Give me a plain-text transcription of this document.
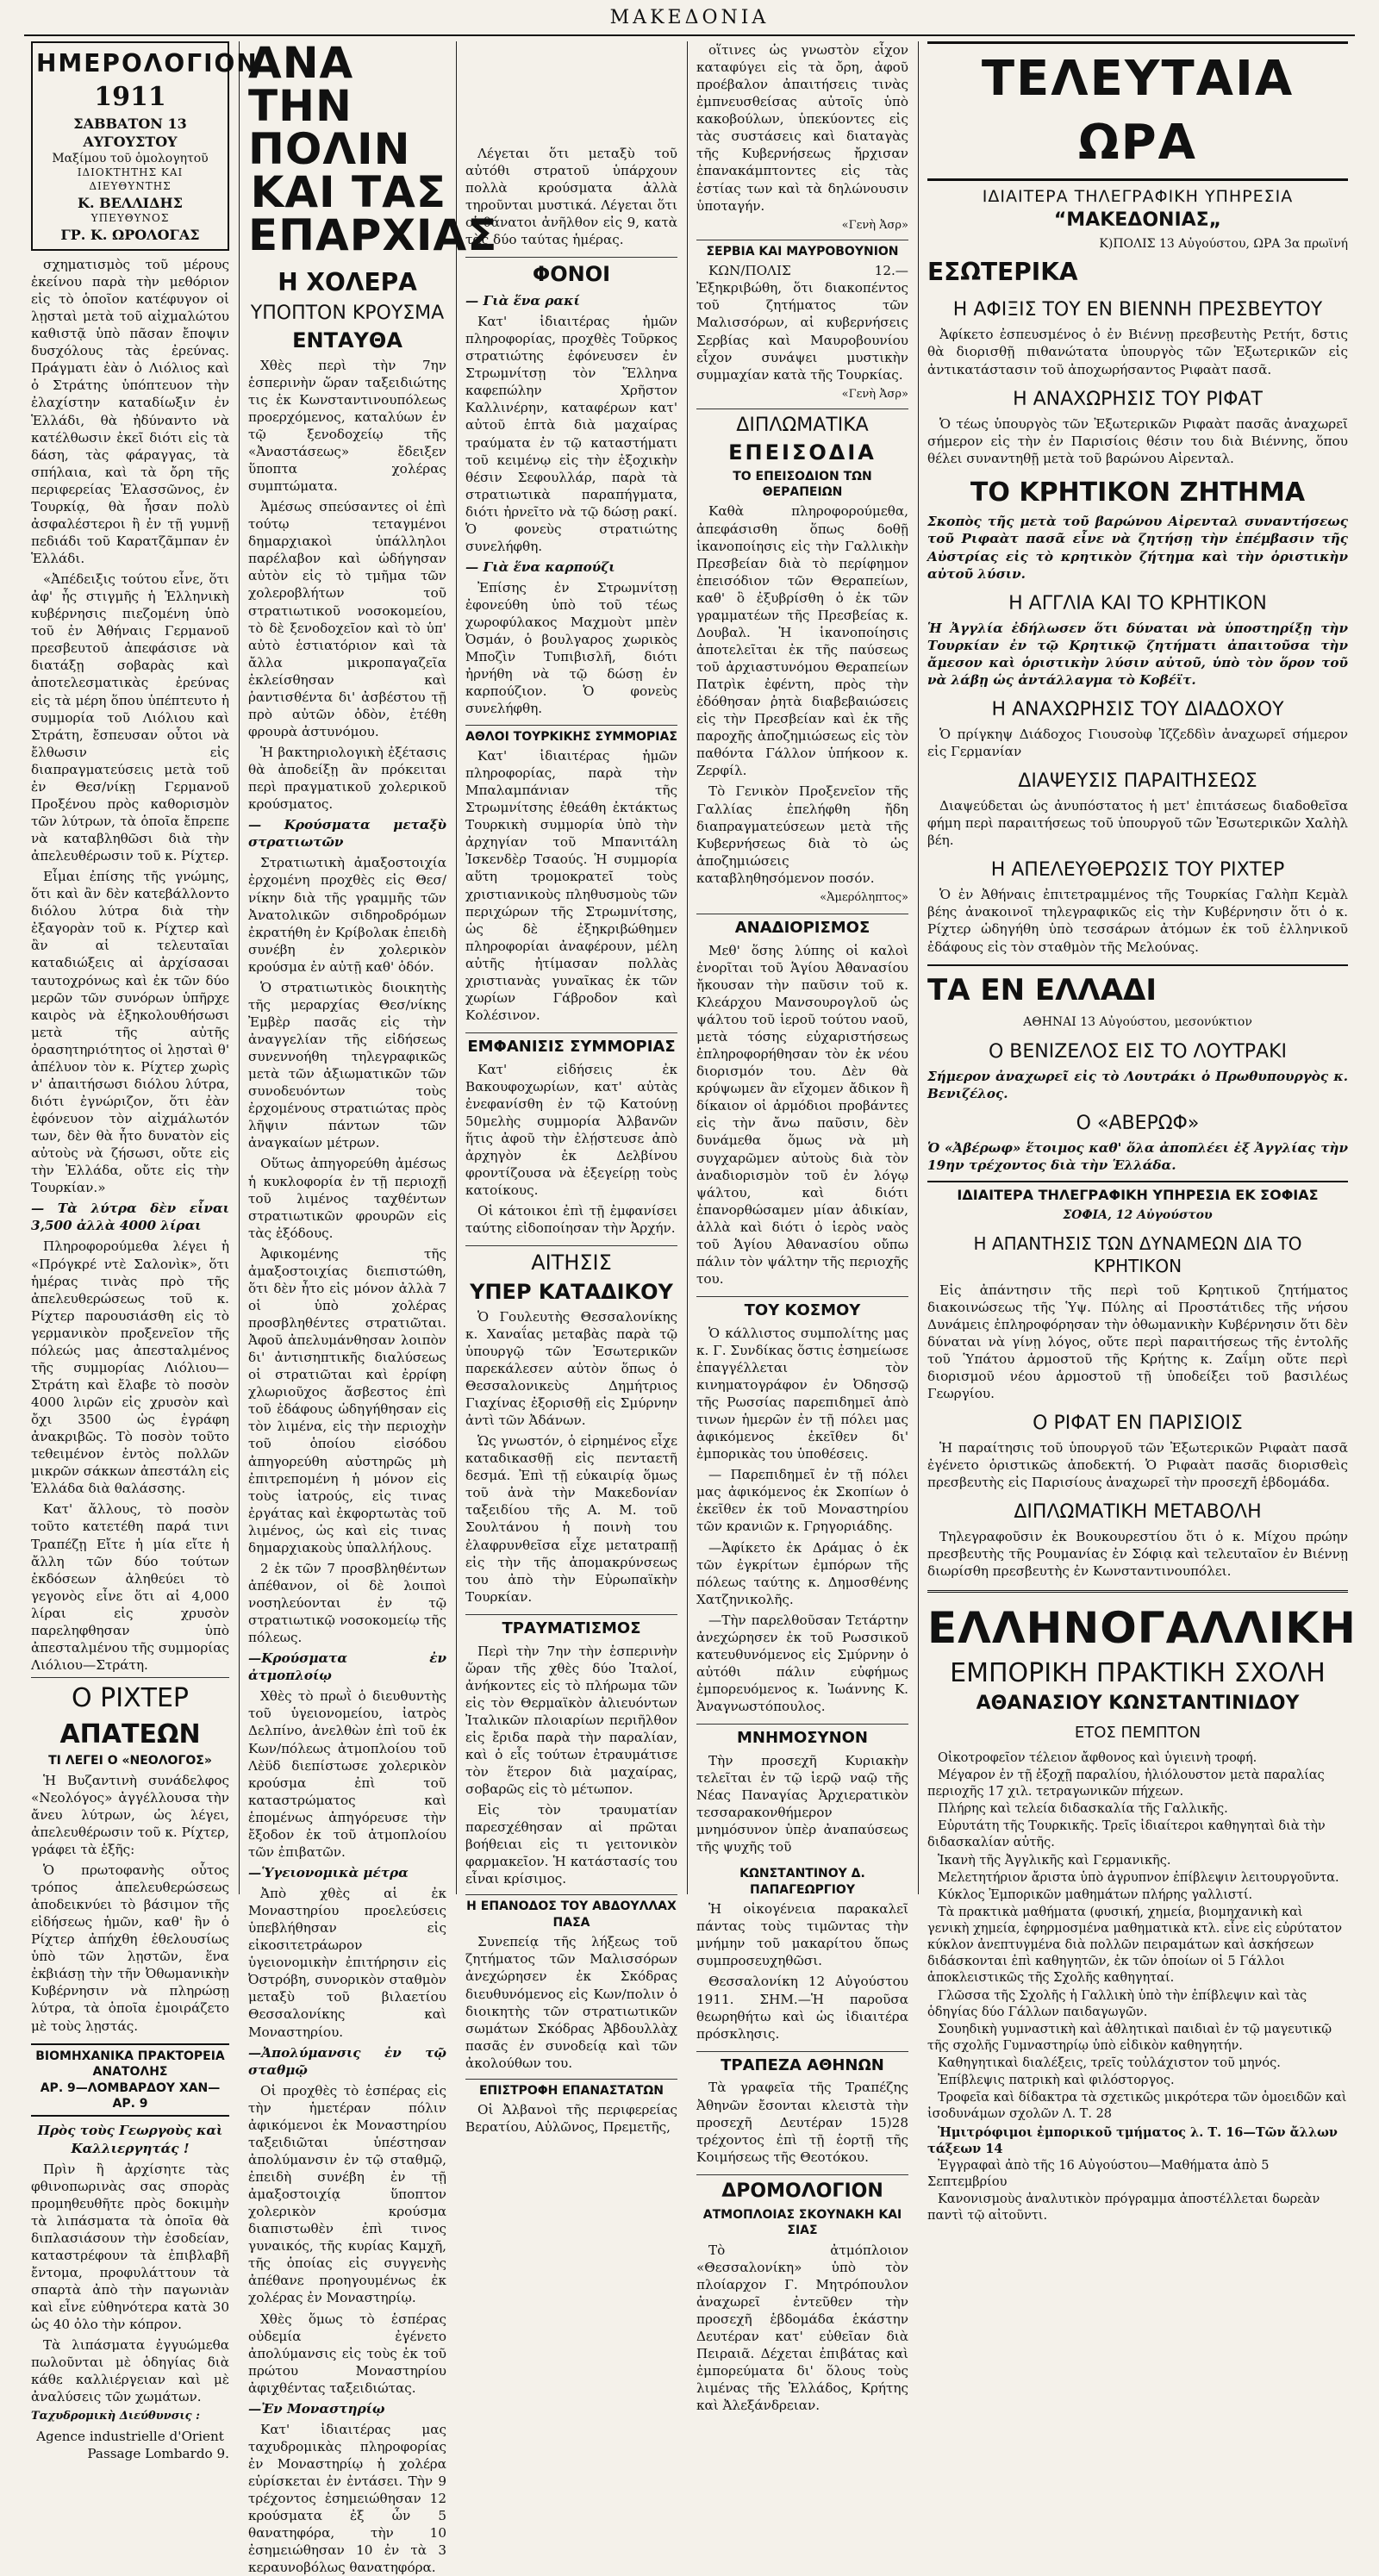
ΜΑΚΕΔΟΝΙΑ
ΗΜΕΡΟΛΟΓΙΟΝ
1911
ΣΑΒΒΑΤΟΝ 13 ΑΥΓΟΥΣΤΟΥ
Μαξίμου τοῦ ὁμολογητοῦ
ΙΔΙΟΚΤΗΤΗΣ ΚΑΙ ΔΙΕΥΘΥΝΤΗΣ
Κ. ΒΕΛΛΙΔΗΣ
ΥΠΕΥΘΥΝΟΣ
ΓΡ. Κ. ΩΡΟΛΟΓΑΣ

σχηματισμὸς τοῦ μέρους ἐκείνου παρὰ τὴν μεθόριον εἰς τὸ ὁποῖον κατέφυγον οἱ λῃσταὶ μετὰ τοῦ αἰχμαλώτου καθιστᾷ ὑπὸ πᾶσαν ἔποψιν δυσχόλους τὰς ἐρεύνας. Πράγματι ἐὰν ὁ Λιόλιος καὶ ὁ Στράτης ὑπόπτευον τὴν ἐλαχίστην καταδίωξιν ἐν Ἑλλάδι, θὰ ἠδύναντο νὰ κατέλθωσιν ἐκεῖ διότι εἰς τὰ δάση, τὰς φάραγγας, τὰ σπήλαια, καὶ τὰ ὄρη τῆς περιφερείας Ἐλασσῶνος, ἐν Τουρκίᾳ, θὰ ἦσαν πολὺ ἀσφαλέστεροι ἢ ἐν τῇ γυμνῇ πεδιάδι τοῦ Καρατζᾶμπαν ἐν Ἑλλάδι.

«Ἀπέδειξις τούτου εἶνε, ὅτι ἀφ' ἧς στιγμῆς ἡ Ἑλληνικὴ κυβέρνησις πιεζομένη ὑπὸ τοῦ ἐν Ἀθήναις Γερμανοῦ πρεσβευτοῦ ἀπεφάσισε νὰ διατάξῃ σοβαρὰς καὶ ἀποτελεσματικὰς ἐρεύνας εἰς τὰ μέρη ὅπου ὑπέπτευτο ἡ συμμορία τοῦ Λιόλιου καὶ Στράτη, ἔσπευσαν οὗτοι νὰ ἔλθωσιν εἰς διαπραγματεύσεις μετὰ τοῦ ἐν Θεσ/νίκῃ Γερμανοῦ Προξένου πρὸς καθορισμὸν τῶν λύτρων, τὰ ὁποῖα ἔπρεπε νὰ καταβληθῶσι διὰ τὴν ἀπελευθέρωσιν τοῦ κ. Ρίχτερ.

Εἶμαι ἐπίσης τῆς γνώμης, ὅτι καὶ ἂν δὲν κατεβάλλοντο διόλου λύτρα διὰ τὴν ἐξαγορὰν τοῦ κ. Ρίχτερ καὶ ἂν αἱ τελευταῖαι καταδιώξεις αἱ ἀρχίσασαι ταυτοχρόνως καὶ ἐκ τῶν δύο μερῶν τῶν συνόρων ὑπῆρχε καιρὸς νὰ ἐξηκολουθήσωσι μετὰ τῆς αὐτῆς ὀρασητηριότητος οἱ λῃσταὶ θ' ἀπέλυον τὸν κ. Ρίχτερ χωρὶς ν' ἀπαιτήσωσι διόλου λύτρα, διότι ἐγνώριζον, ὅτι ἐὰν ἐφόνευον τὸν αἰχμάλωτόν των, δὲν θὰ ἦτο δυνατὸν εἰς αὐτοὺς νὰ ζήσωσι, οὔτε εἰς τὴν Ἑλλάδα, οὔτε εἰς τὴν Τουρκίαν.»

— Τὰ λύτρα δὲν εἶναι 3,500 ἀλλὰ 4000 λίραι

Πληροφορούμεθα λέγει ἡ «Πρόγκρέ ντὲ Σαλονὶκ», ὅτι ἡμέρας τινὰς πρὸ τῆς ἀπελευθερώσεως τοῦ κ. Ρίχτερ παρουσιάσθη εἰς τὸ γερμανικὸν προξενεῖον τῆς πόλεώς μας ἀπεσταλμένος τῆς συμμορίας Λιόλιου—Στράτη καὶ ἔλαβε τὸ ποσὸν 4000 λιρῶν εἰς χρυσὸν καὶ ὄχι 3500 ὡς ἐγράφη ἀνακριβῶς. Τὸ ποσὸν τοῦτο τεθειμένον ἐντὸς πολλῶν μικρῶν σάκκων ἀπεστάλη εἰς Ἑλλάδα διὰ θαλάσσης.

Κατ' ἄλλους, τὸ ποσὸν τοῦτο κατετέθη παρά τινι Τραπέζῃ Εἴτε ἡ μία εἴτε ἡ ἄλλη τῶν δύο τούτων ἐκδόσεων ἀληθεύει τὸ γεγονὸς εἶνε ὅτι αἱ 4,000 λίραι εἰς χρυσὸν παρεληφθησαν ὑπὸ ἀπεσταλμένου τῆς συμμορίας Λιόλιου—Στράτη.

Ο ΡΙΧΤΕΡ
ΑΠΑΤΕΩΝ
ΤΙ ΛΕΓΕΙ Ο «ΝΕΟΛΟΓΟΣ»

Ἡ Βυζαντινὴ συνάδελφος «Νεολόγος» ἀγγέλλουσα τὴν ἄνευ λύτρων, ὡς λέγει, ἀπελευθέρωσιν τοῦ κ. Ρίχτερ, γράφει τὰ ἑξῆς:

Ὁ πρωτοφανὴς οὗτος τρόπος ἀπελευθερώσεως ἀποδεικνύει τὸ βάσιμον τῆς εἰδήσεως ἡμῶν, καθ' ἣν ὁ Ρίχτερ ἀπήχθη ἐθελουσίως ὑπὸ τῶν λῃστῶν, ἕνα ἐκβιάσῃ τὴν τῆν Ὀθωμανικὴν Κυβέρνησιν νὰ πληρώσῃ λύτρα, τὰ ὁποῖα ἐμοιράζετο μὲ τοὺς λῃστάς.

ΒΙΟΜΗΧΑΝΙΚΑ ΠΡΑΚΤΟΡΕΙΑ ΑΝΑΤΟΛΗΣ
ΑΡ. 9—ΛΟΜΒΑΡΔΟΥ ΧΑΝ—ΑΡ. 9
Πρὸς τοὺς Γεωργοὺς καὶ Καλλιεργητάς !

Πρὶν ἢ ἀρχίσητε τὰς φθινοπωρινὰς σας σπορὰς προμηθευθῆτε πρὸς δοκιμὴν τὰ λιπάσματα τὰ ὁποῖα θὰ διπλασιάσουν τὴν ἐσοδείαν, καταστρέφουν τὰ ἐπιβλαβῆ ἔντομα, προφυλάττουν τὰ σπαρτὰ ἀπὸ τὴν παγωνιὰν καὶ εἶνε εὐθηνότερα κατὰ 30 ὡς 40 ὀλο τὴν κόπρον.

Τὰ λιπάσματα ἐγγυώμεθα πωλοῦνται μὲ ὁδηγίας διὰ κάθε καλλιέργειαν καὶ μὲ ἀναλύσεις τῶν χωμάτων.

Ταχυδρομικὴ Διεύθυνσις :

Agence industrielle d'Orient
Passage Lombardo 9.
ΑΝΑ ΤΗΝ ΠΟΛΙΝ
ΚΑΙ ΤΑΣ ΕΠΑΡΧΙΑΣ
Η ΧΟΛΕΡΑ
ΥΠΟΠΤΟΝ ΚΡΟΥΣΜΑ
ΕΝΤΑΥΘΑ

Χθὲς περὶ τὴν 7ην ἑσπερινὴν ὥραν ταξειδιώτης τις ἐκ Κωνσταντινουπόλεως προερχόμενος, καταλύων ἐν τῷ ξενοδοχείῳ τῆς «Ἀναστάσεως» ἔδειξεν ὕποπτα χολέρας συμπτώματα.

Ἀμέσως σπεύσαντες οἱ ἐπὶ τούτῳ τεταγμένοι δημαρχιακοὶ ὑπάλληλοι παρέλαβον καὶ ὡδήγησαν αὐτὸν εἰς τὸ τμῆμα τῶν χολεροβλήτων τοῦ στρατιωτικοῦ νοσοκομείου, τὸ δὲ ξενοδοχεῖον καὶ τὸ ὑπ' αὐτὸ ἑστιατόριον καὶ τὰ ἄλλα μικροπαγαζεῖα ἐκλείσθησαν καὶ ῥαντισθέντα δι' ἀσβέστου τῇ πρὸ αὐτῶν ὁδὸν, ἐτέθη φρουρὰ ἀστυνόμου.

Ἡ βακτηριολογικὴ ἐξέτασις θὰ ἀποδείξῃ ἂν πρόκειται περὶ πραγματικοῦ χολερικοῦ κρούσματος.

— Κρούσματα μεταξὺ στρατιωτῶν

Στρατιωτικὴ ἀμαξοστοιχία ἐρχομένη προχθὲς εἰς Θεσ/νίκην διὰ τῆς γραμμῆς τῶν Ἀνατολικῶν σιδηροδρόμων ἐκρατήθη ἐν Κρίβολακ ἐπειδὴ συνέβη ἐν χολερικὸν κρούσμα ἐν αὐτῇ καθ' ὁδόν.

Ὁ στρατιωτικὸς διοικητὴς τῆς μεραρχίας Θεσ/νίκης Ἐμβὲρ πασᾶς εἰς τὴν ἀναγγελίαν τῆς εἰδήσεως συνεννοήθη τηλεγραφικῶς μετὰ τῶν ἀξιωματικῶν τῶν συνοδευόντων τοὺς ἐρχομένους στρατιώτας πρὸς λῆψιν πάντων τῶν ἀναγκαίων μέτρων.

Οὕτως ἀπηγορεύθη ἀμέσως ἡ κυκλοφορία ἐν τῇ περιοχῇ τοῦ λιμένος ταχθέντων στρατιωτικῶν φρουρῶν εἰς τὰς ἐξόδους.

Ἀφικομένης τῆς ἀμαξοστοιχίας διεπιστώθη, ὅτι δὲν ἦτο εἰς μόνον ἀλλὰ 7 οἱ ὑπὸ χολέρας προσβληθέντες στρατιῶται. Ἀφοῦ ἀπελυμάνθησαν λοιπὸν δι' ἀντισηπτικῆς διαλύσεως οἱ στρατιῶται καὶ ἐρρίφη χλωριοῦχος ἄσβεστος ἐπὶ τοῦ ἐδάφους ὡδηγήθησαν εἰς τὸν λιμένα, εἰς τὴν περιοχὴν τοῦ ὁποίου εἰσόδου ἀπηγορεύθη αὐστηρῶς μὴ ἐπιτρεπομένη ἡ μόνον εἰς τοὺς ἰατρούς, εἰς τινας ἐργάτας καὶ ἐκφορτωτὰς τοῦ λιμένος, ὡς καὶ εἰς τινας δημαρχιακοὺς ὑπαλλήλους.

2 ἐκ τῶν 7 προσβληθέντων ἀπέθανον, οἱ δὲ λοιποὶ νοσηλεύονται ἐν τῷ στρατιωτικῷ νοσοκομείῳ τῆς πόλεως.

—Κρούσματα ἐν ἀτμοπλοίῳ

Χθὲς τὸ πρωῒ ὁ διευθυντὴς τοῦ ὑγειονομείου, ἰατρὸς Δελπίνο, ἀνελθὼν ἐπὶ τοῦ ἐκ Κων/πόλεως ἀτμοπλοίου τοῦ Λὲϋδ διεπίστωσε χολερικὸν κρούσμα ἐπὶ τοῦ καταστρώματος καὶ ἑπομένως ἀπηγόρευσε τὴν ἔξοδον ἐκ τοῦ ἀτμοπλοίου τῶν ἐπιβατῶν.

—Ὑγειονομικὰ μέτρα

Ἀπὸ χθὲς αἱ ἐκ Μοναστηρίου προελεύσεις ὑπεβλήθησαν εἰς εἰκοσιτετράωρον ὑγειονομικὴν ἐπιτήρησιν εἰς Ὀστρόβη, συνορικὸν σταθμὸν μεταξὺ τοῦ βιλαετίου Θεσσαλονίκης καὶ Μοναστηρίου.

—Ἀπολύμανσις ἐν τῷ σταθμῷ

Οἱ προχθὲς τὸ ἑσπέρας εἰς τὴν ἡμετέραν πόλιν ἀφικόμενοι ἐκ Μοναστηρίου ταξειδιῶται ὑπέστησαν ἀπολύμανσιν ἐν τῷ σταθμῷ, ἐπειδὴ συνέβη ἐν τῇ ἀμαξοστοιχίᾳ ὕποπτον χολερικὸν κρούσμα διαπιστωθὲν ἐπὶ τινος γυναικός, τῆς κυρίας Καμχῆ, τῆς ὁποίας εἰς συγγενὴς ἀπέθανε προηγουμένως ἐκ χολέρας ἐν Μοναστηρίῳ.

Χθὲς ὅμως τὸ ἑσπέρας οὐδεμία ἐγένετο ἀπολύμανσις εἰς τοὺς ἐκ τοῦ πρώτου Μοναστηρίου ἀφιχθέντας ταξειδιώτας.

—Ἐν Μοναστηρίῳ

Κατ' ἰδιαιτέρας μας ταχυδρομικὰς πληροφορίας ἐν Μοναστηρίῳ ἡ χολέρα εὑρίσκεται ἐν ἐντάσει. Τὴν 9 τρέχοντος ἐσημειώθησαν 12 κρούσματα ἐξ ὧν 5 θανατηφόρα, τὴν 10 ἐσημειώθησαν 10 ἐν τὰ 3 κεραυνοβόλως θανατηφόρα.

Λέγεται ὅτι μεταξὺ τοῦ αὐτόθι στρατοῦ ὑπάρχουν πολλὰ κρούσματα ἀλλὰ τηροῦνται μυστικά. Λέγεται ὅτι οἱ θάνατοι ἀνῆλθον εἰς 9, κατὰ τὰς δύο ταύτας ἡμέρας.

ΦΟΝΟΙ

— Γιὰ ἕνα ρακί

Κατ' ἰδιαιτέρας ἡμῶν πληροφορίας, προχθὲς Τοῦρκος στρατιώτης ἐφόνευσεν ἐν Στρωμνίτσῃ τὸν Ἕλληνα καφεπώλην Χρῆστον Καλλινέρην, καταφέρων κατ' αὐτοῦ ἑπτὰ διὰ μαχαίρας τραύματα ἐν τῷ καταστήματι τοῦ κειμένῳ εἰς τὴν ἐξοχικὴν θέσιν Σεφουλλάρ, παρὰ τὰ στρατιωτικὰ παραπήγματα, διότι ἠρνεῖτο νὰ τῷ δώσῃ ρακί. Ὁ φονεὺς στρατιώτης συνελήφθη.

— Γιὰ ἕνα καρπούζι

Ἐπίσης ἐν Στρωμνίτσῃ ἐφονεύθη ὑπὸ τοῦ τέως χωροφύλακος Μαχμοὺτ μπὲν Ὀσμάν, ὁ βουλγαρος χωρικὸς Μποζὶν Τυπιβισλῆ, διότι ἠρνήθη νὰ τῷ δώσῃ ἐν καρπούζιον. Ὁ φονεὺς συνελήφθη.

ΑΘΛΟΙ ΤΟΥΡΚΙΚΗΣ ΣΥΜΜΟΡΙΑΣ

Κατ' ἰδιαιτέρας ἡμῶν πληροφορίας, παρὰ τὴν Μπαλαμπάνιαν τῆς Στρωμνίτσης ἐθεάθη ἐκτάκτως Τουρκικὴ συμμορία ὑπὸ τὴν ἀρχηγίαν τοῦ Μπανιτάλη Ἰσκενδὲρ Τσαούς. Ἡ συμμορία αὕτη τρομοκρατεῖ τοὺς χριστιανικοὺς πληθυσμοὺς τῶν περιχώρων τῆς Στρωμνίτσης, ὡς δὲ ἐξηκριβώθημεν πληροφορίαι ἀναφέρουν, μέλη αὐτῆς ἠτίμασαν πολλὰς χριστιανὰς γυναῖκας ἐκ τῶν χωρίων Γάβροδον καὶ Κολέσινον.

ΕΜΦΑΝΙΣΙΣ ΣΥΜΜΟΡΙΑΣ

Κατ' εἰδήσεις ἐκ Βακουφοχωρίων, κατ' αὐτὰς ἐνεφανίσθη ἐν τῷ Κατούνῃ 50μελὴς συμμορία Ἀλβανῶν ἥτις ἀφοῦ τὴν ἐλῄστευσε ἀπὸ ἀρχηγὸν ἐκ Δελβίνου φροντίζουσα νὰ ἐξεγείρῃ τοὺς κατοίκους.

Οἱ κάτοικοι ἐπὶ τῇ ἐμφανίσει ταύτης εἰδοποίησαν τὴν Ἀρχήν.

ΑΙΤΗΣΙΣ
ΥΠΕΡ ΚΑΤΑΔΙΚΟΥ

Ὁ Γουλευτὴς Θεσσαλονίκης κ. Χαναΐας μεταβὰς παρὰ τῷ ὑπουργῷ τῶν Ἐσωτερικῶν παρεκάλεσεν αὐτὸν ὅπως ὁ Θεσσαλονικεὺς Δημήτριος Γιαχίνας ἐξορισθῇ εἰς Σμύρνην ἀντὶ τῶν Ἀδάνων.

Ὡς γνωστόν, ὁ εἰρημένος εἶχε καταδικασθῇ εἰς πενταετῆ δεσμά. Ἐπὶ τῇ εὐκαιρίᾳ ὅμως τοῦ ἀνὰ τὴν Μακεδονίαν ταξειδίου τῆς Α. Μ. τοῦ Σουλτάνου ἡ ποινὴ του ἐλαφρυνθεῖσα εἶχε μετατραπῇ εἰς τὴν τῆς ἀπομακρύνσεως του ἀπὸ τὴν Εὐρωπαϊκὴν Τουρκίαν.

ΤΡΑΥΜΑΤΙΣΜΟΣ

Περὶ τὴν 7ην τὴν ἑσπερινὴν ὥραν τῆς χθὲς δύο Ἰταλοί, ἀνήκοντες εἰς τὸ πλήρωμα τῶν εἰς τὸν Θερμαϊκὸν ἀλιευόντων Ἰταλικῶν πλοιαρίων περιῆλθον εἰς ἔριδα παρὰ τὴν παραλίαν, καὶ ὁ εἷς τούτων ἐτραυμάτισε τὸν ἕτερον διὰ μαχαίρας, σοβαρῶς εἰς τὸ μέτωπον.

Εἰς τὸν τραυματίαν παρεσχέθησαν αἱ πρῶται βοήθειαι εἰς τι γειτονικὸν φαρμακεῖον. Ἡ κατάστασίς του εἶναι κρίσιμος.

Η ΕΠΑΝΟΔΟΣ ΤΟΥ ΑΒΔΟΥΛΛΑΧ ΠΑΣΑ

Συνεπείᾳ τῆς λήξεως τοῦ ζητήματος τῶν Μαλισσόρων ἀνεχώρησεν ἐκ Σκόδρας διευθυνόμενος εἰς Κων/πολιν ὁ διοικητὴς τῶν στρατιωτικῶν σωμάτων Σκόδρας Ἀβδουλλὰχ πασᾶς ἐν συνοδείᾳ καὶ τῶν ἀκολούθων του.

ΕΠΙΣΤΡΟΦΗ ΕΠΑΝΑΣΤΑΤΩΝ

Οἱ Ἀλβανοὶ τῆς περιφερείας Βερατίου, Αὐλῶνος, Πρεμετῆς,

οἵτινες ὡς γνωστὸν εἶχον καταφύγει εἰς τὰ ὄρη, ἀφοῦ προέβαλον ἀπαιτήσεις τινὰς ἐμπνευσθείσας αὐτοῖς ὑπὸ κακοβούλων, ὑπεκύοντες εἰς τὰς συστάσεις καὶ διαταγὰς τῆς Κυβερνήσεως ἤρχισαν ἐπανακάμπτοντες εἰς τὰς ἑστίας των καὶ τὰ δηλώνουσιν ὑποταγήν.

«Γενὴ Ἀσρ»

ΣΕΡΒΙΑ ΚΑΙ ΜΑΥΡΟΒΟΥΝΙΟΝ

ΚΩΝ/ΠΟΛΙΣ 12.—Ἐξηκριβώθη, ὅτι διακοπέντος τοῦ ζητήματος τῶν Μαλισσόρων, αἱ κυβερνήσεις Σερβίας καὶ Μαυροβουνίου εἶχον συνάψει μυστικὴν συμμαχίαν κατὰ τῆς Τουρκίας.

«Γενὴ Ἀσρ»

ΔΙΠΛΩΜΑΤΙΚΑ
ΕΠΕΙΣΟΔΙΑ
ΤΟ ΕΠΕΙΣΟΔΙΟΝ ΤΩΝ ΘΕΡΑΠΕΙΩΝ

Καθὰ πληροφορούμεθα, ἀπεφάσισθη ὅπως δοθῇ ἱκανοποίησις εἰς τὴν Γαλλικὴν Πρεσβείαν διὰ τὸ περίφημον ἐπεισόδιον τῶν Θεραπείων, καθ' ὃ ἐξυβρίσθη ὁ ἐκ τῶν γραμματέων τῆς Πρεσβείας κ. Δουβαλ. Ἡ ἱκανοποίησις ἀποτελεῖται ἐκ τῆς παύσεως τοῦ ἀρχιαστυνόμου Θεραπείων Πατρὶκ ἐφέντη, πρὸς τὴν ἐδόθησαν ῥητὰ διαβεβαιώσεις εἰς τὴν Πρεσβείαν καὶ ἐκ τῆς παροχῆς ἀποζημιώσεως εἰς τὸν παθόντα Γάλλον ὑπήκοον κ. Ζερφίλ.

Τὸ Γενικὸν Προξενεῖον τῆς Γαλλίας ἐπελήφθη ἤδη διαπραγματεύσεων μετὰ τῆς Κυβερνήσεως διὰ τὸ ὡς ἀποζημιώσεις καταβληθησόμενον ποσόν.

«Ἀμερόληπτος»

ΑΝΑΔΙΟΡΙΣΜΟΣ

Μεθ' ὅσης λύπης οἱ καλοὶ ἐνορῖται τοῦ Ἁγίου Ἀθανασίου ἤκουσαν τὴν παῦσιν τοῦ κ. Κλεάρχου Μανσουρογλοῦ ὡς ψάλτου τοῦ ἱεροῦ τούτου ναοῦ, μετὰ τόσης εὐχαριστήσεως ἐπληροφορήθησαν τὸν ἐκ νέου διορισμόν του. Δὲν θὰ κρύψωμεν ἂν εἴχομεν ἄδικον ἢ δίκαιον οἱ ἁρμόδιοι προβάντες εἰς τὴν ἄνω παῦσιν, δὲν δυνάμεθα ὅμως νὰ μὴ συγχαρῶμεν αὐτοὺς διὰ τὸν ἀναδιορισμὸν τοῦ ἐν λόγῳ ψάλτου, καὶ διότι ἐπανορθώσαμεν μίαν ἀδικίαν, ἀλλὰ καὶ διότι ὁ ἱερὸς ναὸς τοῦ Ἁγίου Ἀθανασίου οὔπω πάλιν τὸν ψάλτην τῆς περιοχῆς του.

ΤΟΥ ΚΟΣΜΟΥ

Ὁ κάλλιστος συμπολίτης μας κ. Γ. Συνδίκας ὅστις ἐσημείωσε ἐπαγγέλλεται τὸν κινηματογράφον ἐν Ὀδησσῷ τῆς Ρωσσίας παρεπιδημεῖ ἀπὸ τινων ἡμερῶν ἐν τῇ πόλει μας ἀφικόμενος ἐκεῖθεν δι' ἐμπορικὰς του ὑποθέσεις.

— Παρεπιδημεῖ ἐν τῇ πόλει μας ἀφικόμενος ἐκ Σκοπίων ὁ ἐκεῖθεν ἐκ τοῦ Μοναστηρίου τῶν κρανιῶν κ. Γρηγοριάδης.

—Ἀφίκετο ἐκ Δράμας ὁ ἐκ τῶν ἐγκρίτων ἐμπόρων τῆς πόλεως ταύτης κ. Δημοσθένης Χατζηνικολῆς.

—Τὴν παρελθοῦσαν Τετάρτην ἀνεχώρησεν ἐκ τοῦ Ρωσσικοῦ κατευθυνόμενος εἰς Σμύρνην ὁ αὐτόθι πάλιν εὐφήμως ἐμπορευόμενος κ. Ἰωάννης Κ. Ἀναγνωστόπουλος.

ΜΝΗΜΟΣΥΝΟΝ

Τὴν προσεχῆ Κυριακὴν τελεῖται ἐν τῷ ἱερῷ ναῷ τῆς Νέας Παναγίας Ἀρχιερατικὸν τεσσαρακονθήμερον μνημόσυνον ὑπὲρ ἀναπαύσεως τῆς ψυχῆς τοῦ

ΚΩΝΣΤΑΝΤΙΝΟΥ Δ. ΠΑΠΑΓΕΩΡΓΙΟΥ

Ἡ οἰκογένεια παρακαλεῖ πάντας τοὺς τιμῶντας τὴν μνήμην τοῦ μακαρίτου ὅπως συμπροσευχηθῶσι.

Θεσσαλονίκη 12 Αὐγούστου 1911. ΣΗΜ.—Ἡ παροῦσα θεωρηθήτω καὶ ὡς ἰδιαιτέρα πρόσκλησις.

ΤΡΑΠΕΖΑ ΑΘΗΝΩΝ

Τὰ γραφεῖα τῆς Τραπέζης Ἀθηνῶν ἔσονται κλειστὰ τὴν προσεχῆ Δευτέραν 15)28 τρέχοντος ἐπὶ τῇ ἑορτῇ τῆς Κοιμήσεως τῆς Θεοτόκου.

ΔΡΟΜΟΛΟΓΙΟΝ
ΑΤΜΟΠΛΟΙΑΣ ΣΚΟΥΝΑΚΗ ΚΑΙ ΣΙΑΣ

Τὸ ἀτμόπλοιον «Θεσσαλονίκη» ὑπὸ τὸν πλοίαρχον Γ. Μητρόπουλον ἀναχωρεῖ ἐντεῦθεν τὴν προσεχῆ ἑβδομάδα ἑκάστην Δευτέραν κατ' εὐθεῖαν διὰ Πειραιᾶ. Δέχεται ἐπιβάτας καὶ ἐμπορεύματα δι' ὅλους τοὺς λιμένας τῆς Ἑλλάδος, Κρήτης καὶ Ἀλεξάνδρειαν.

ΤΕΛΕΥΤΑΙΑ ΩΡΑ
ΙΔΙΑΙΤΕΡΑ ΤΗΛΕΓΡΑΦΙΚΗ ΥΠΗΡΕΣΙΑ
“ΜΑΚΕΔΟΝΙΑΣ„
Κ)ΠΟΛΙΣ 13 Αὐγούστου, ΩΡΑ 3α πρωϊνή
ΕΣΩΤΕΡΙΚΑ
Η ΑΦΙΞΙΣ ΤΟΥ ΕΝ ΒΙΕΝΝΗ ΠΡΕΣΒΕΥΤΟΥ

Ἀφίκετο ἐσπευσμένος ὁ ἐν Βιέννῃ πρεσβευτὴς Ρετήτ, δστις θὰ διορισθῇ πιθανώτατα ὑπουργὸς τῶν Ἐξωτερικῶν εἰς ἀντικατάστασιν τοῦ ἀποχωρήσαντος Ριφαὰτ πασᾶ.

Η ΑΝΑΧΩΡΗΣΙΣ ΤΟΥ ΡΙΦΑΤ

Ὁ τέως ὑπουργὸς τῶν Ἐξωτερικῶν Ριφαὰτ πασᾶς ἀναχωρεῖ σήμερον εἰς τὴν ἐν Παρισίοις θέσιν του διὰ Βιέννης, ὅπου θέλει συναντηθῇ μετὰ τοῦ βαρώνου Αἰρενταλ.

ΤΟ ΚΡΗΤΙΚΟΝ ΖΗΤΗΜΑ

Σκοπὸς τῆς μετὰ τοῦ βαρώνου Αἰρενταλ συναντήσεως τοῦ Ριφαὰτ πασᾶ εἶνε νὰ ζητήσῃ τὴν ἐπέμβασιν τῆς Αὐστρίας εἰς τὸ κρητικὸν ζήτημα καὶ τὴν ὁριστικὴν αὐτοῦ λύσιν.

Η ΑΓΓΛΙΑ ΚΑΙ ΤΟ ΚΡΗΤΙΚΟΝ

Ἡ Ἀγγλία ἐδήλωσεν ὅτι δύναται νὰ ὑποστηρίξῃ τὴν Τουρκίαν ἐν τῷ Κρητικῷ ζητήματι ἀπαιτοῦσα τὴν ἄμεσον καὶ ὁριστικὴν λύσιν αὐτοῦ, ὑπὸ τὸν ὅρον τοῦ νὰ λάβῃ ὡς ἀντάλλαγμα τὸ Κοβέϊτ.

Η ΑΝΑΧΩΡΗΣΙΣ ΤΟΥ ΔΙΑΔΟΧΟΥ

Ὁ πρίγκηψ Διάδοχος Γιουσοὺφ Ἰζζεδδὶν ἀναχωρεῖ σήμερον εἰς Γερμανίαν

ΔΙΑΨΕΥΣΙΣ ΠΑΡΑΙΤΗΣΕΩΣ

Διαψεύδεται ὡς ἀνυπόστατος ἡ μετ' ἐπιτάσεως διαδοθεῖσα φήμη περὶ παραιτήσεως τοῦ ὑπουργοῦ τῶν Ἐσωτερικῶν Χαλὴλ βέη.

Η ΑΠΕΛΕΥΘΕΡΩΣΙΣ ΤΟΥ ΡΙΧΤΕΡ

Ὁ ἐν Ἀθήναις ἐπιτετραμμένος τῆς Τουρκίας Γαλὴπ Κεμὰλ βέης ἀνακοινοῖ τηλεγραφικῶς εἰς τὴν Κυβέρνησιν ὅτι ὁ κ. Ρίχτερ ὡδηγήθη ὑπὸ τεσσάρων ἀτόμων ἐκ τοῦ ἑλληνικοῦ ἐδάφους εἰς τὸν σταθμὸν τῆς Μελούνας.

ΤΑ ΕΝ ΕΛΛΑΔΙ
ΑΘΗΝΑΙ 13 Αὐγούστου, μεσονύκτιον
Ο ΒΕΝΙΖΕΛΟΣ ΕΙΣ ΤΟ ΛΟΥΤΡΑΚΙ

Σήμερον ἀναχωρεῖ εἰς τὸ Λουτράκι ὁ Πρωθυπουργὸς κ. Βενιζέλος.

Ο «ΑΒΕΡΩΦ»

Ὁ «Ἀβέρωφ» ἕτοιμος καθ' ὅλα ἀποπλέει ἐξ Ἀγγλίας τὴν 19ην τρέχοντος διὰ τὴν Ἑλλάδα.

ΙΔΙΑΙΤΕΡΑ ΤΗΛΕΓΡΑΦΙΚΗ ΥΠΗΡΕΣΙΑ ΕΚ ΣΟΦΙΑΣ
ΣΟΦΙΑ, 12 Αὐγούστου
Η ΑΠΑΝΤΗΣΙΣ ΤΩΝ ΔΥΝΑΜΕΩΝ ΔΙΑ ΤΟ ΚΡΗΤΙΚΟΝ

Εἰς ἀπάντησιν τῆς περὶ τοῦ Κρητικοῦ ζητήματος διακοινώσεως τῆς Ὑψ. Πύλης αἱ Προστάτιδες τῆς νήσου Δυνάμεις ἐπληροφόρησαν τὴν ὀθωμανικὴν Κυβέρνησιν ὅτι δὲν δύναται νὰ γίνῃ λόγος, οὔτε περὶ παραιτήσεως τῆς ἐντολῆς τοῦ Ὑπάτου ἁρμοστοῦ τῆς Κρήτης κ. Ζαΐμη οὔτε περὶ διορισμοῦ νέου ἁρμοστοῦ τῇ ὑποδείξει τοῦ βασιλέως Γεωργίου.

Ο ΡΙΦΑΤ ΕΝ ΠΑΡΙΣΙΟΙΣ

Ἡ παραίτησις τοῦ ὑπουργοῦ τῶν Ἐξωτερικῶν Ριφαὰτ πασᾶ ἐγένετο ὁριστικῶς ἀποδεκτή. Ὁ Ριφαὰτ πασᾶς διορισθεὶς πρεσβευτὴς εἰς Παρισίους ἀναχωρεῖ τὴν προσεχῆ ἑβδομάδα.

ΔΙΠΛΩΜΑΤΙΚΗ ΜΕΤΑΒΟΛΗ

Τηλεγραφοῦσιν ἐκ Βουκουρεστίου ὅτι ὁ κ. Μίχου πρώην πρεσβευτὴς τῆς Ρουμανίας ἐν Σόφιᾳ καὶ τελευταῖον ἐν Βιέννῃ διωρίσθη πρεσβευτὴς ἐν Κωνσταντινουπόλει.

ΕΛΛΗΝΟΓΑΛΛΙΚΗ
ΕΜΠΟΡΙΚΗ ΠΡΑΚΤΙΚΗ ΣΧΟΛΗ
ΑΘΑΝΑΣΙΟΥ ΚΩΝΣΤΑΝΤΙΝΙΔΟΥ
ΕΤΟΣ ΠΕΜΠΤΟΝ
Οἰκοτροφεῖον τέλειον ἄφθονος καὶ ὑγιεινὴ τροφή.
Μέγαρον ἐν τῇ ἐξοχῇ παραλίου, ἡλιόλουστον μετὰ παραλίας περιοχῆς 17 χιλ. τετραγωνικῶν πήχεων.
Πλήρης καὶ τελεία διδασκαλία τῆς Γαλλικῆς.
Εὐρυτάτη τῆς Τουρκικῆς. Τρεῖς ἰδιαίτεροι καθηγηταὶ διὰ τὴν διδασκαλίαν αὐτῆς.
Ἱκανὴ τῆς Ἀγγλικῆς καὶ Γερμανικῆς.
Μελετητήριον ἄριστα ὑπὸ ἀγρυπνον ἐπίβλεψιν λειτουργοῦντα.
Κύκλος Ἐμπορικῶν μαθημάτων πλήρης γαλλιστί.
Τὰ πρακτικὰ μαθήματα (φυσική, χημεία, βιομηχανικὴ καὶ γενικὴ χημεία, ἐφηρμοσμένα μαθηματικὰ κτλ. εἶνε εἰς εὐρύτατον κύκλον ἀνεπτυγμένα διὰ πολλῶν πειραμάτων καὶ ἀσκήσεων διδάσκονται ἐπὶ καθηγητῶν, ἐκ τῶν ὁποίων οἱ 5 Γάλλοι ἀποκλειστικῶς τῆς Σχολῆς καθηγηταί.
Γλῶσσα τῆς Σχολῆς ἡ Γαλλικὴ ὑπὸ τὴν ἐπίβλεψιν καὶ τὰς ὁδηγίας δύο Γάλλων παιδαγωγῶν.
Σουηδικὴ γυμναστικὴ καὶ ἀθλητικαὶ παιδιαὶ ἐν τῷ μαγευτικῷ τῆς σχολῆς Γυμναστηρίῳ ὑπὸ εἰδικὸν καθηγητήν.
Καθηγητικαὶ διαλέξεις, τρεῖς τοὐλάχιστον τοῦ μηνός.
Ἐπίβλεψις πατρικὴ καὶ φιλόστοργος.
Τροφεῖα καὶ δίδακτρα τὰ σχετικῶς μικρότερα τῶν ὁμοειδῶν καὶ ἰσοδυνάμων σχολῶν Λ. Τ. 28
Ἡμιτρόφιμοι ἐμπορικοῦ τμήματος λ. Τ. 16—Τῶν ἄλλων τάξεων 14
Ἐγγραφαὶ ἀπὸ τῆς 16 Αὐγούστου—Μαθήματα ἀπὸ 5 Σεπτεμβρίου
Κανονισμοὺς ἀναλυτικὸν πρόγραμμα ἀποστέλλεται δωρεὰν παντὶ τῷ αἰτοῦντι.
